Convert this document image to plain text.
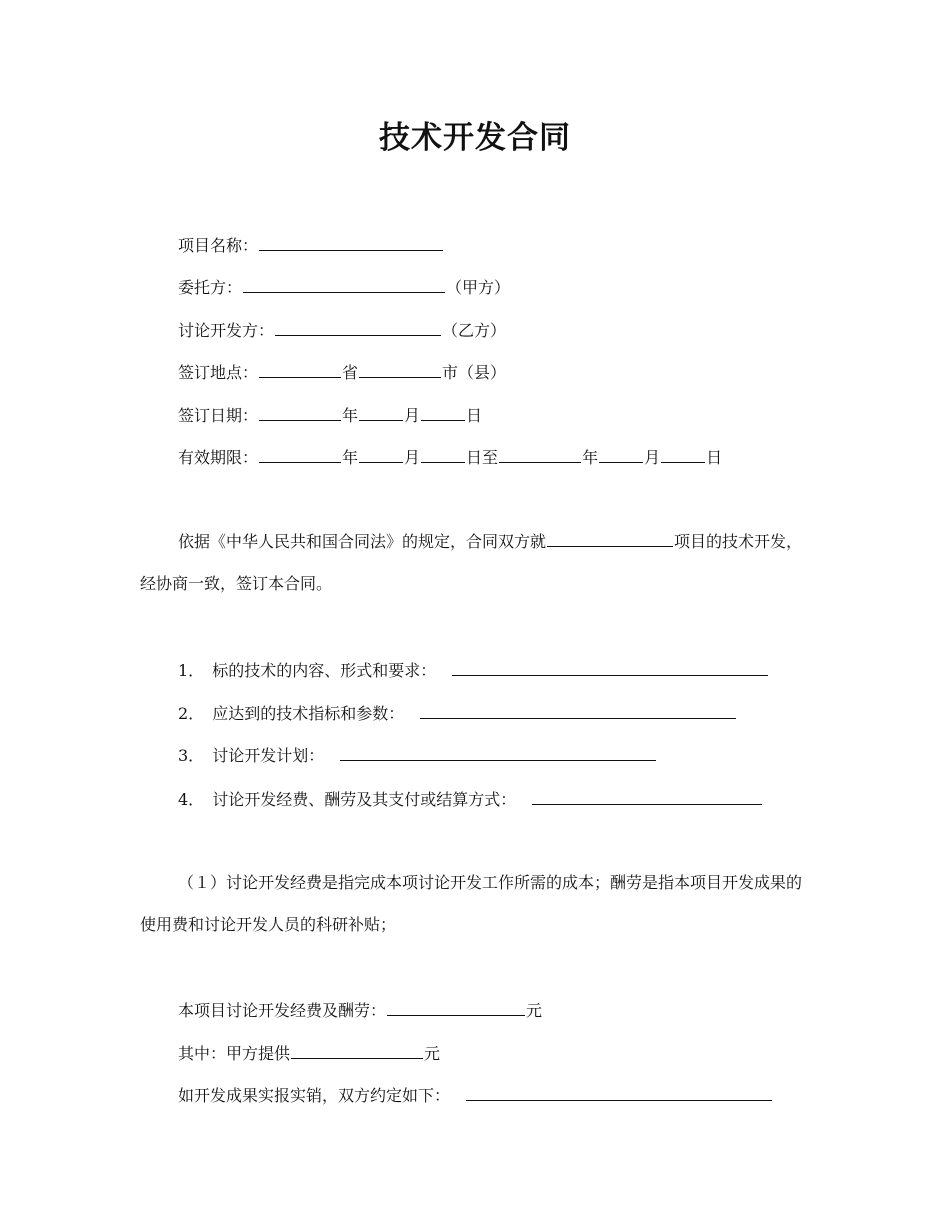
技术开发合同
项目名称：
委托方：	（甲方）
讨论开发方：	（乙方）
签订地点：	省	市（县）
签订日期：	年	月	日
有效期限：	年	月	日至	年	月	日
依据《中华人民共和国合同法》的规定，合同双方就	项目的技术开发，经协商一致，签订本合同。
1． 标的技术的内容、形式和要求：
2． 应达到的技术指标和参数：
3． 讨论开发计划：
4． 讨论开发经费、酬劳及其支付或结算方式：
（１）讨论开发经费是指完成本项讨论开发工作所需的成本；酬劳是指本项目开发成果的使用费和讨论开发人员的科研补贴；
本项目讨论开发经费及酬劳：	元
其中：甲方提供	元
如开发成果实报实销，双方约定如下：
